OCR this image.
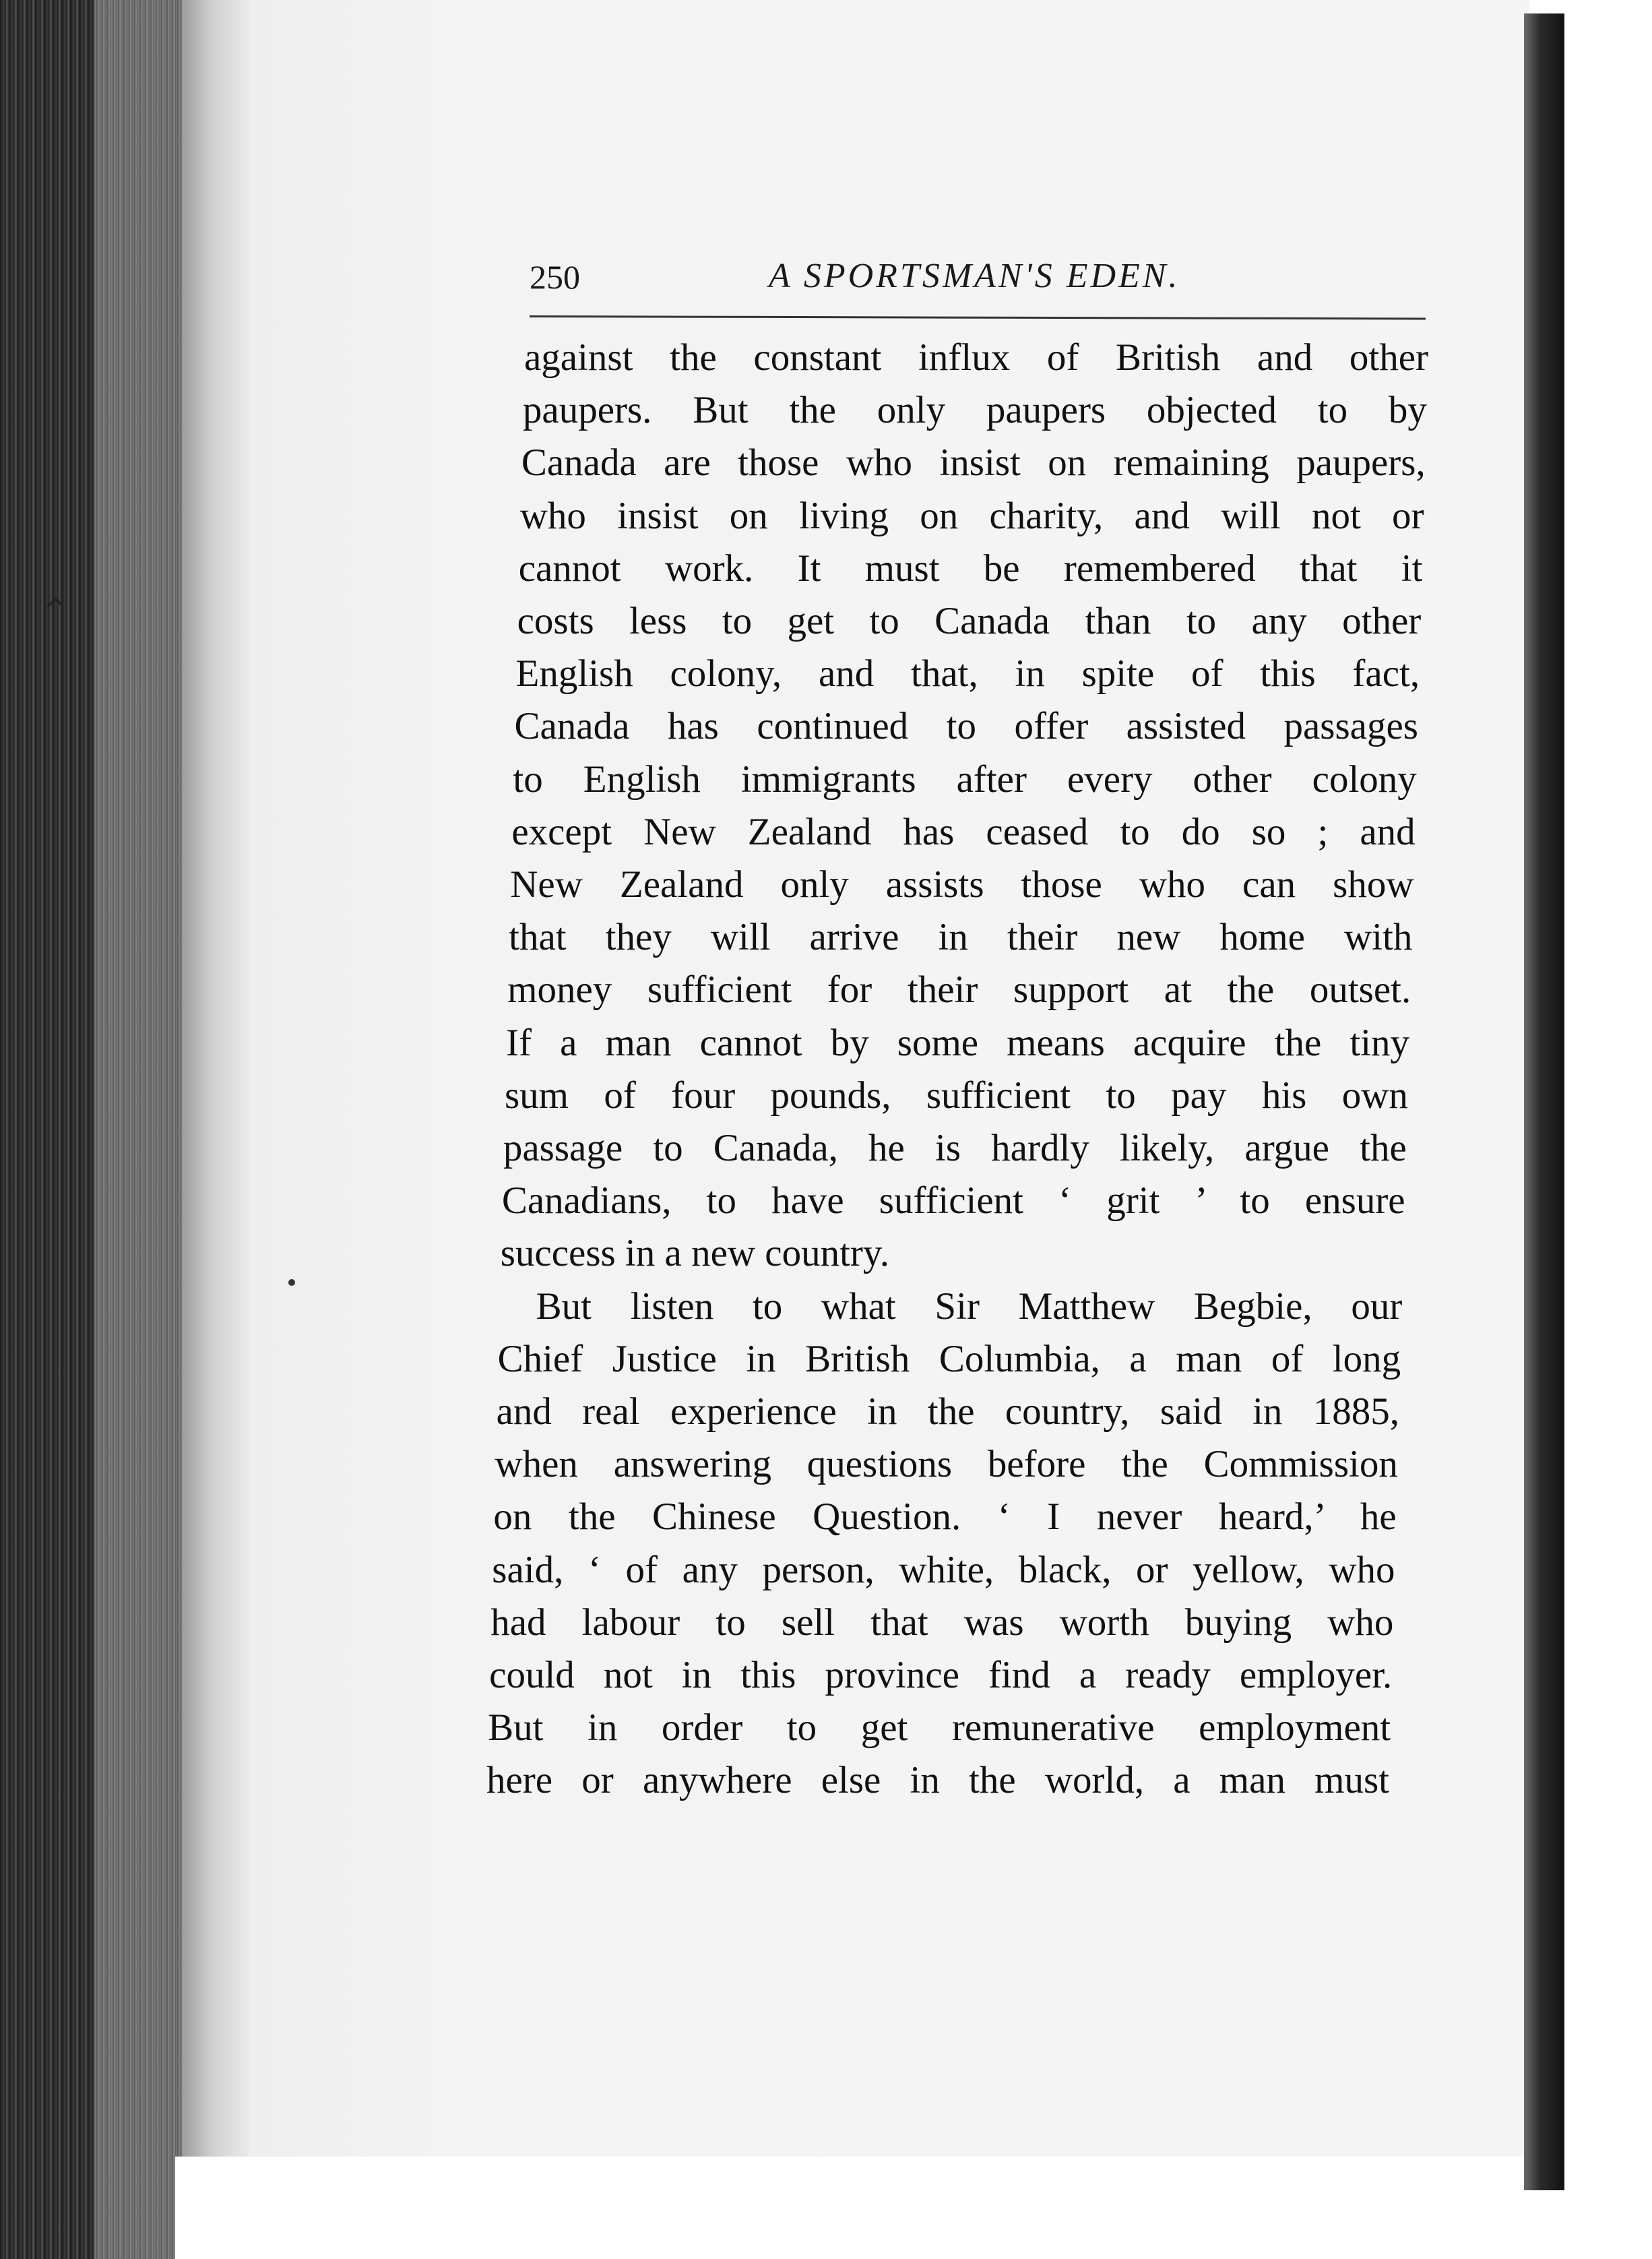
^
250	A SPORTSMAN'S EDEN.
against the constant influx of British and other
paupers. But the only paupers objected to by
Canada are those who insist on remaining paupers,
who insist on living on charity, and will not or
cannot work. It must be remembered that it
costs less to get to Canada than to any other
English colony, and that, in spite of this fact,
Canada has continued to offer assisted passages
to English immigrants after every other colony
except New Zealand has ceased to do so ; and
New Zealand only assists those who can show
that they will arrive in their new home with
money sufficient for their support at the outset.
If a man cannot by some means acquire the tiny
sum of four pounds, sufficient to pay his own
passage to Canada, he is hardly likely, argue the
Canadians, to have sufficient ‘ grit ’ to ensure
success in a new country.
But listen to what Sir Matthew Begbie, our
Chief Justice in British Columbia, a man of long
and real experience in the country, said in 1885,
when answering questions before the Commission
on the Chinese Question. ‘ I never heard,’ he
said, ‘ of any person, white, black, or yellow, who
had labour to sell that was worth buying who
could not in this province find a ready employer.
But in order to get remunerative employment
here or anywhere else in the world, a man must
